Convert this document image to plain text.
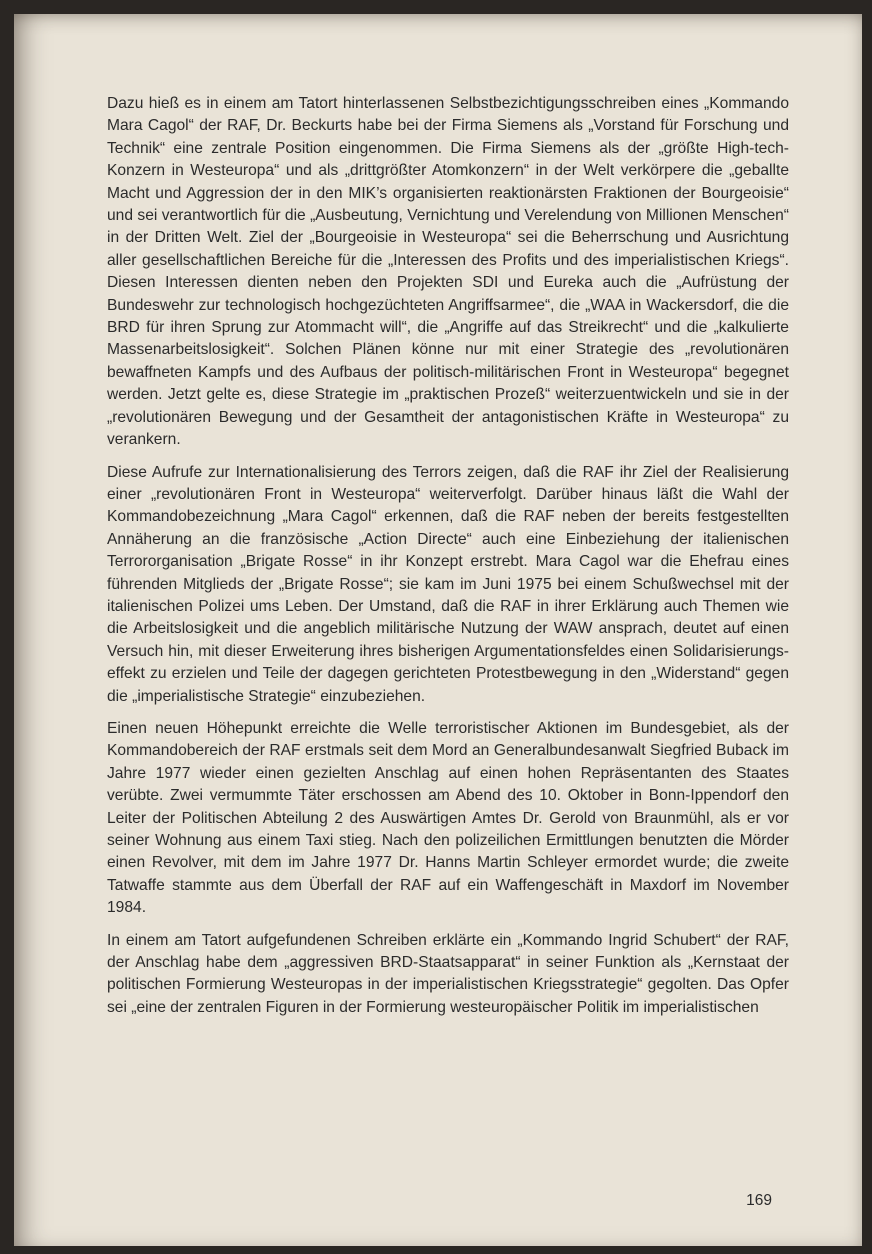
Dazu hieß es in einem am Tatort hinterlassenen Selbstbezichtigungsschreiben eines „Kommando Mara Cagol“ der RAF, Dr. Beckurts habe bei der Firma Siemens als „Vorstand für Forschung und Technik“ eine zentrale Position eingenommen. Die Firma Siemens als der „größte High-tech-Konzern in Westeuropa“ und als „drittgrößter Atomkonzern“ in der Welt verkörpere die „geballte Macht und Aggression der in den MIK’s organisierten reaktionärsten Fraktionen der Bourgeoisie“ und sei verantwortlich für die „Ausbeutung, Vernichtung und Verelendung von Millionen Menschen“ in der Dritten Welt. Ziel der „Bourgeoisie in Westeuropa“ sei die Beherrschung und Ausrichtung aller gesellschaftlichen Bereiche für die „Interessen des Profits und des imperialistischen Kriegs“. Diesen Interessen dienten neben den Projekten SDI und Eureka auch die „Aufrüstung der Bundeswehr zur technologisch hochgezüchteten Angriffsarmee“, die „WAA in Wackersdorf, die die BRD für ihren Sprung zur Atommacht will“, die „Angriffe auf das Streikrecht“ und die „kalkulierte Massenarbeitslosigkeit“. Solchen Plänen könne nur mit einer Strategie des „revolutionären bewaffneten Kampfs und des Aufbaus der politisch-militärischen Front in Westeuropa“ begegnet werden. Jetzt gelte es, diese Strategie im „praktischen Prozeß“ weiterzuentwickeln und sie in der „revolutionären Bewegung und der Gesamtheit der antagonistischen Kräfte in Westeuropa“ zu verankern.

Diese Aufrufe zur Internationalisierung des Terrors zeigen, daß die RAF ihr Ziel der Realisierung einer „revolutionären Front in Westeuropa“ weiterverfolgt. Darüber hinaus läßt die Wahl der Kommandobezeichnung „Mara Cagol“ erkennen, daß die RAF neben der bereits festgestellten Annäherung an die französische „Action Directe“ auch eine Einbeziehung der italienischen Terrororganisation „Brigate Rosse“ in ihr Konzept erstrebt. Mara Cagol war die Ehefrau eines führenden Mitglieds der „Brigate Rosse“; sie kam im Juni 1975 bei einem Schußwechsel mit der italienischen Polizei ums Leben. Der Umstand, daß die RAF in ihrer Erklärung auch Themen wie die Arbeitslosigkeit und die angeblich militärische Nutzung der WAW ansprach, deutet auf einen Versuch hin, mit dieser Erweiterung ihres bisherigen Argumentationsfeldes einen Solidarisierungseffekt zu erzielen und Teile der dagegen gerichteten Protestbewegung in den „Widerstand“ gegen die „imperialistische Strategie“ einzubeziehen.

Einen neuen Höhepunkt erreichte die Welle terroristischer Aktionen im Bundesgebiet, als der Kommandobereich der RAF erstmals seit dem Mord an Generalbundesanwalt Siegfried Buback im Jahre 1977 wieder einen gezielten Anschlag auf einen hohen Repräsentanten des Staates verübte. Zwei vermummte Täter erschossen am Abend des 10. Oktober in Bonn-Ippendorf den Leiter der Politischen Abteilung 2 des Auswärtigen Amtes Dr. Gerold von Braunmühl, als er vor seiner Wohnung aus einem Taxi stieg. Nach den polizeilichen Ermittlungen benutzten die Mörder einen Revolver, mit dem im Jahre 1977 Dr. Hanns Martin Schleyer ermordet wurde; die zweite Tatwaffe stammte aus dem Überfall der RAF auf ein Waffengeschäft in Maxdorf im November 1984.

In einem am Tatort aufgefundenen Schreiben erklärte ein „Kommando Ingrid Schubert“ der RAF, der Anschlag habe dem „aggressiven BRD-Staatsapparat“ in seiner Funktion als „Kernstaat der politischen Formierung Westeuropas in der imperialistischen Kriegsstrategie“ gegolten. Das Opfer sei „eine der zentralen Figuren in der Formierung westeuropäischer Politik im imperialistischen

169
